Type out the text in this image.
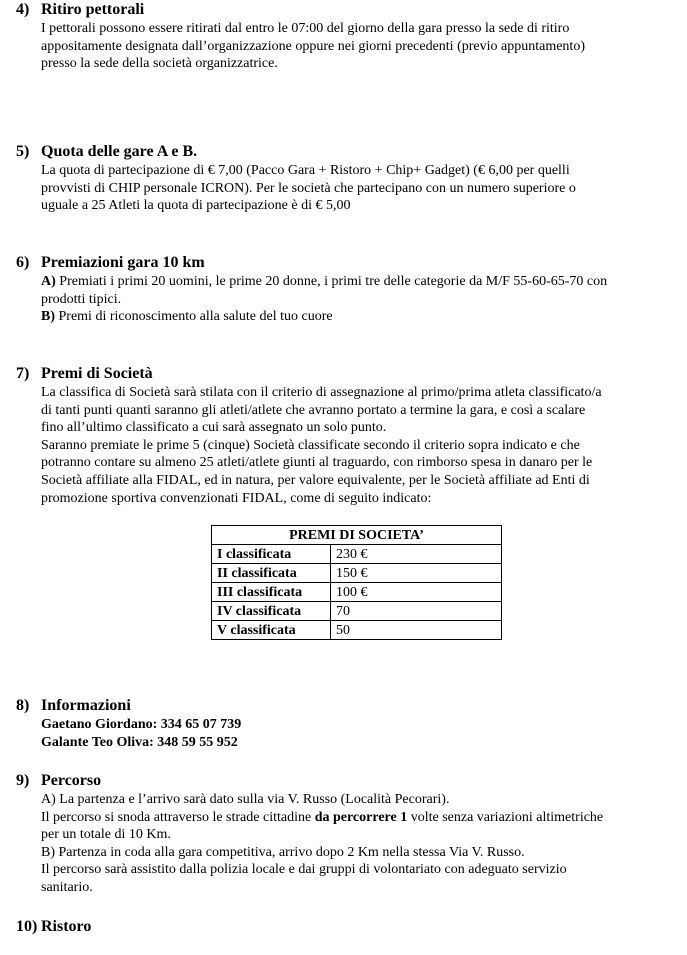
4) Ritiro pettorali

I pettorali possono essere ritirati dal entro le 07:00 del giorno della gara presso la sede di ritiro

appositamente designata dall’organizzazione oppure nei giorni precedenti (previo appuntamento)

presso la sede della società organizzatrice.

5) Quota delle gare A e B.

La quota di partecipazione di € 7,00 (Pacco Gara + Ristoro + Chip+ Gadget) (€ 6,00 per quelli

provvisti di CHIP personale ICRON). Per le società che partecipano con un numero superiore o

uguale a 25 Atleti la quota di partecipazione è di € 5,00

6) Premiazioni gara 10 km

A) Premiati i primi 20 uomini, le prime 20 donne, i primi tre delle categorie da M/F 55-60-65-70 con

prodotti tipici.

B) Premi di riconoscimento alla salute del tuo cuore

7) Premi di Società

La classifica di Società sarà stilata con il criterio di assegnazione al primo/prima atleta classificato/a

di tanti punti quanti saranno gli atleti/atlete che avranno portato a termine la gara, e così a scalare

fino all’ultimo classificato a cui sarà assegnato un solo punto.

Saranno premiate le prime 5 (cinque) Società classificate secondo il criterio sopra indicato e che

potranno contare su almeno 25 atleti/atlete giunti al traguardo, con rimborso spesa in danaro per le

Società affiliate alla FIDAL, ed in natura, per valore equivalente, per le Società affiliate ad Enti di

promozione sportiva convenzionati FIDAL, come di seguito indicato:

PREMI DI SOCIETA’	
I classificata	230 €
II classificata	150 €
III classificata	100 €
IV classificata	70
V classificata	50
8) Informazioni

Gaetano Giordano: 334 65 07 739

Galante Teo Oliva: 348 59 55 952

9) Percorso

A) La partenza e l’arrivo sarà dato sulla via V. Russo (Località Pecorari).

Il percorso si snoda attraverso le strade cittadine da percorrere 1 volte senza variazioni altimetriche

per un totale di 10 Km.

B) Partenza in coda alla gara competitiva, arrivo dopo 2 Km nella stessa Via V. Russo.

Il percorso sarà assistito dalla polizia locale e dai gruppi di volontariato con adeguato servizio

sanitario.

10) Ristoro
